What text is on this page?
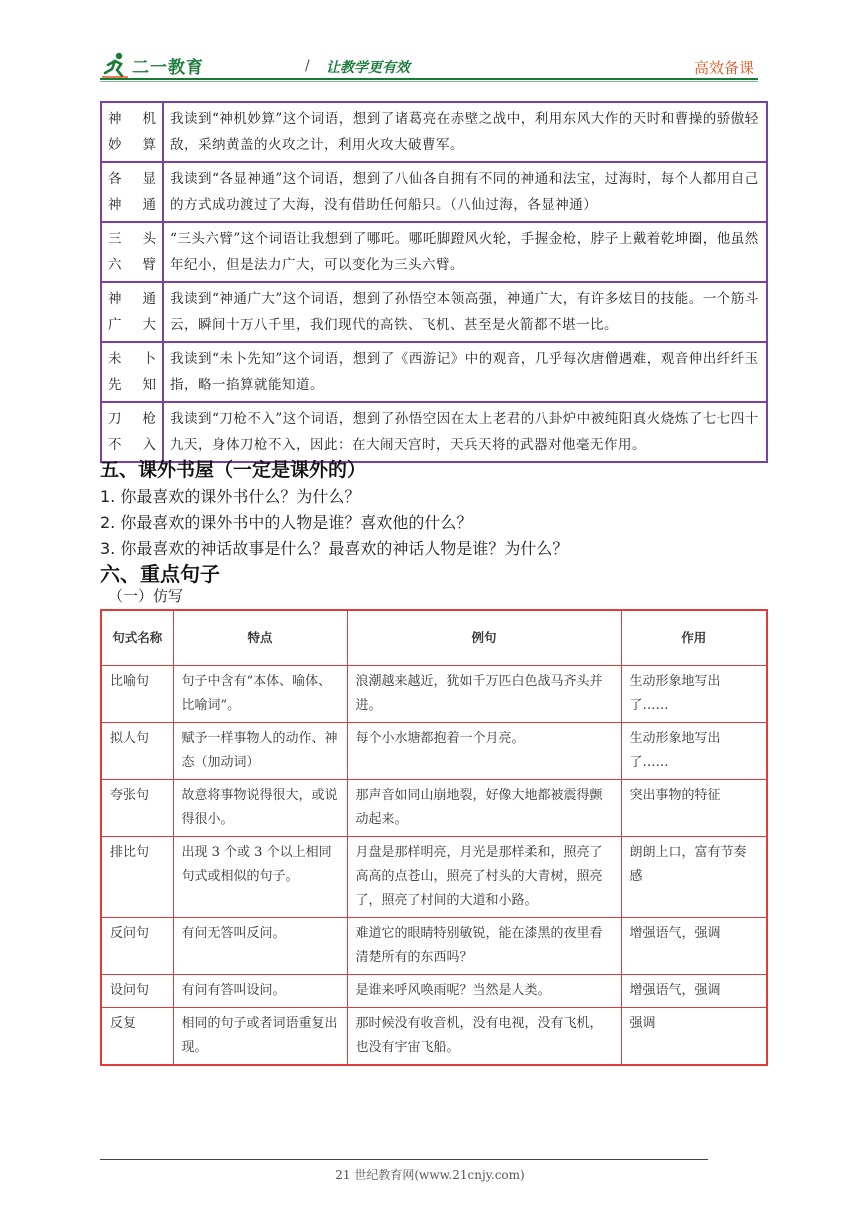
二一教育	/ 让教学更有效	高效备课
神 机 妙算	我读到“神机妙算”这个词语，想到了诸葛亮在赤壁之战中，利用东风大作的天时和曹操的骄傲轻敌，采纳黄盖的火攻之计，利用火攻大破曹军。
各 显 神通	我读到“各显神通”这个词语，想到了八仙各自拥有不同的神通和法宝，过海时，每个人都用自己的方式成功渡过了大海，没有借助任何船只。（八仙过海，各显神通）
三 头 六臂	“三头六臂”这个词语让我想到了哪吒。哪吒脚蹬风火轮，手握金枪，脖子上戴着乾坤圈，他虽然年纪小，但是法力广大，可以变化为三头六臂。
神 通 广大	我读到“神通广大”这个词语，想到了孙悟空本领高强，神通广大，有许多炫目的技能。一个筋斗云，瞬间十万八千里，我们现代的高铁、飞机、甚至是火箭都不堪一比。
未 卜 先知	我读到“未卜先知”这个词语，想到了《西游记》中的观音，几乎每次唐僧遇难，观音伸出纤纤玉指，略一掐算就能知道。
刀 枪 不入	我读到“刀枪不入”这个词语，想到了孙悟空因在太上老君的八卦炉中被纯阳真火烧炼了七七四十九天，身体刀枪不入，因此：在大闹天宫时，天兵天将的武器对他毫无作用。
五、课外书屋（一定是课外的）
1. 你最喜欢的课外书什么？为什么？
2. 你最喜欢的课外书中的人物是谁？喜欢他的什么？
3. 你最喜欢的神话故事是什么？最喜欢的神话人物是谁？为什么？
六、重点句子
（一）仿写
句式名称	特点	例句	作用
比喻句	句子中含有“本体、喻体、比喻词”。	浪潮越来越近，犹如千万匹白色战马齐头并进。	生动形象地写出了……
拟人句	赋予一样事物人的动作、神态（加动词）	每个小水塘都抱着一个月亮。	生动形象地写出了……
夸张句	故意将事物说得很大，或说得很小。	那声音如同山崩地裂，好像大地都被震得颤动起来。	突出事物的特征
排比句	出现 3 个或 3 个以上相同句式或相似的句子。	月盘是那样明亮，月光是那样柔和，照亮了高高的点苍山，照亮了村头的大青树，照亮了，照亮了村间的大道和小路。	朗朗上口，富有节奏感
反问句	有问无答叫反问。	难道它的眼睛特别敏锐，能在漆黑的夜里看清楚所有的东西吗？	增强语气，强调
设问句	有问有答叫设问。	是谁来呼风唤雨呢？当然是人类。	增强语气，强调
反复	相同的句子或者词语重复出现。	那时候没有收音机，没有电视，没有飞机，也没有宇宙飞船。	强调
21 世纪教育网(www.21cnjy.com)
